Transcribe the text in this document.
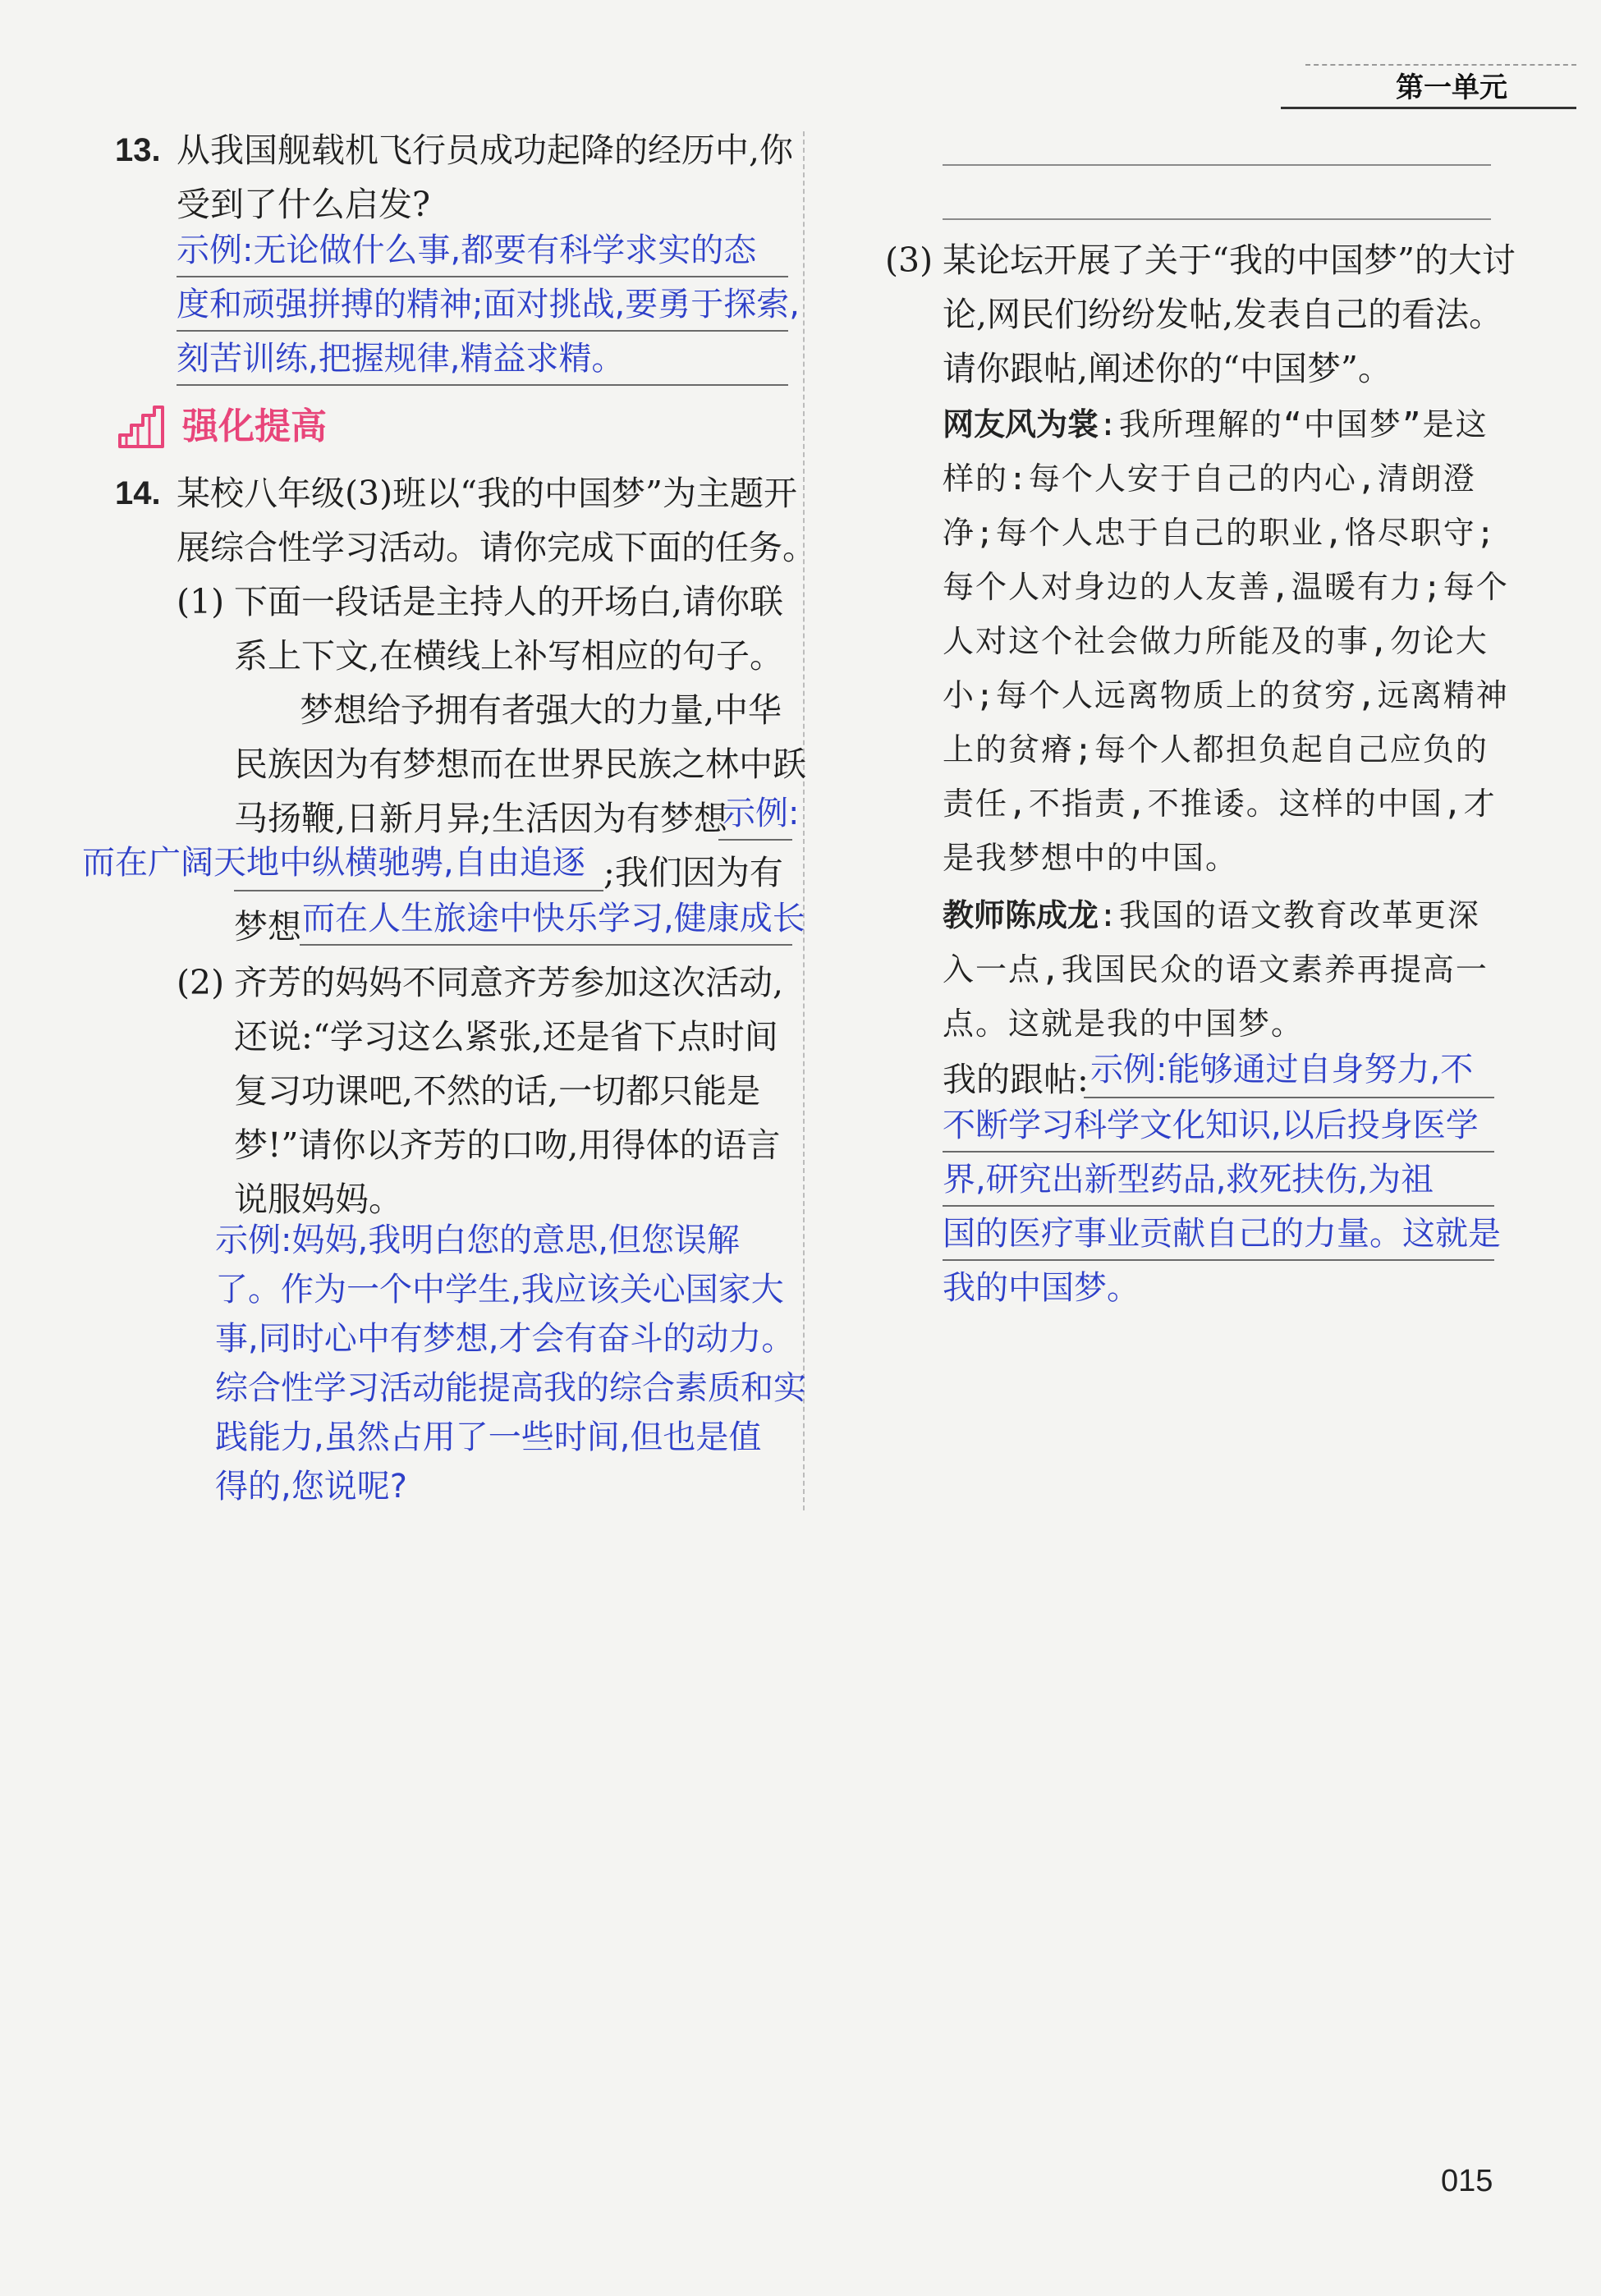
第一单元
13. 从我国舰载机飞行员成功起降的经历中,你
受到了什么启发?
示例:无论做什么事,都要有科学求实的态
度和顽强拼搏的精神;面对挑战,要勇于探索,
刻苦训练,把握规律,精益求精。
强化提高
14. 某校八年级(3)班以“我的中国梦”为主题开
展综合性学习活动。请你完成下面的任务。
(1) 下面一段话是主持人的开场白,请你联
系上下文,在横线上补写相应的句子。
梦想给予拥有者强大的力量,中华
民族因为有梦想而在世界民族之林中跃
马扬鞭,日新月异;生活因为有梦想
示例:
而在广阔天地中纵横驰骋,自由追逐 ;我们因为有
梦想 而在人生旅途中快乐学习,健康成长
(2) 齐芳的妈妈不同意齐芳参加这次活动,
还说:“学习这么紧张,还是省下点时间
复习功课吧,不然的话,一切都只能是
梦!”请你以齐芳的口吻,用得体的语言
说服妈妈。
示例:妈妈,我明白您的意思,但您误解
了。作为一个中学生,我应该关心国家大
事,同时心中有梦想,才会有奋斗的动力。
综合性学习活动能提高我的综合素质和实
践能力,虽然占用了一些时间,但也是值
得的,您说呢?
(3) 某论坛开展了关于“我的中国梦”的大讨
论,网民们纷纷发帖,发表自己的看法。
请你跟帖,阐述你的“中国梦”。
网友风为裳:我所理解的“中国梦”是这
样的:每个人安于自己的内心,清朗澄
净;每个人忠于自己的职业,恪尽职守;
每个人对身边的人友善,温暖有力;每个
人对这个社会做力所能及的事,勿论大
小;每个人远离物质上的贫穷,远离精神
上的贫瘠;每个人都担负起自己应负的
责任,不指责,不推诿。这样的中国,才
是我梦想中的中国。
教师陈成龙:我国的语文教育改革更深
入一点,我国民众的语文素养再提高一
点。这就是我的中国梦。
我的跟帖: 示例:能够通过自身努力,不
不断学习科学文化知识,以后投身医学
界,研究出新型药品,救死扶伤,为祖
国的医疗事业贡献自己的力量。这就是
我的中国梦。
015
